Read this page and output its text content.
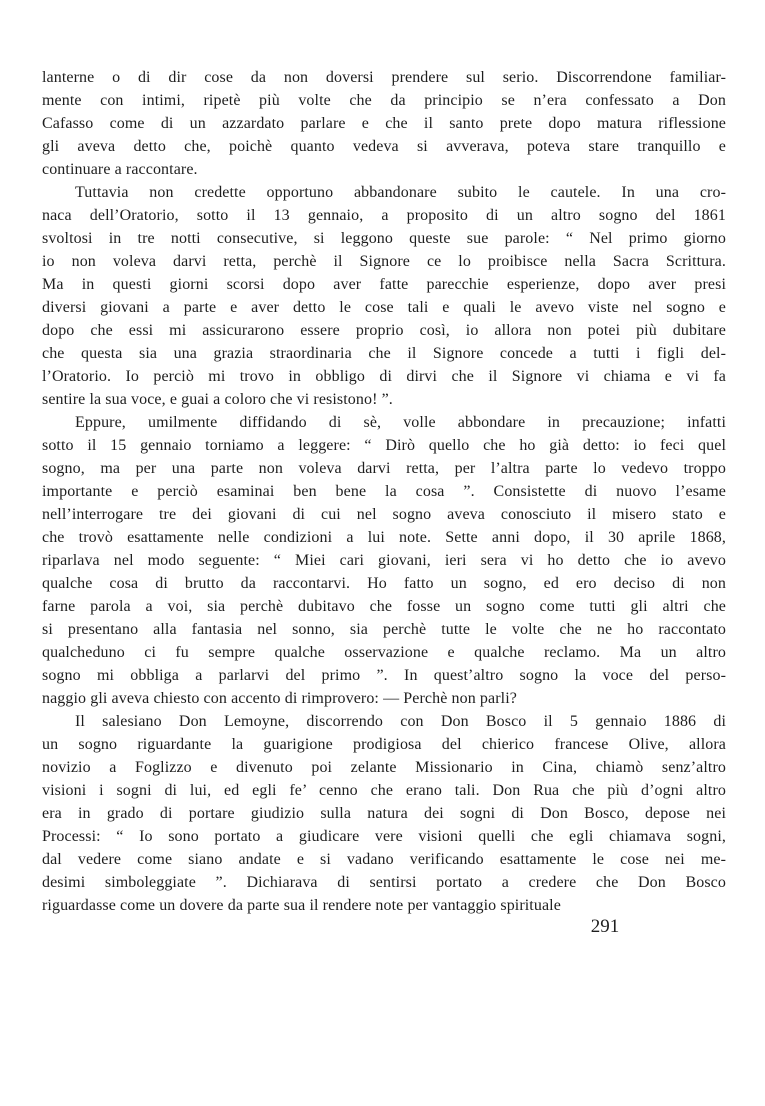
lanterne o di dir cose da non doversi prendere sul serio. Discorrendone familiar-
mente con intimi, ripetè più volte che da principio se n’era confessato a Don
Cafasso come di un azzardato parlare e che il santo prete dopo matura riflessione
gli aveva detto che, poichè quanto vedeva si avverava, poteva stare tranquillo e
continuare a raccontare.
Tuttavia non credette opportuno abbandonare subito le cautele. In una cro-
naca dell’Oratorio, sotto il 13 gennaio, a proposito di un altro sogno del 1861
svoltosi in tre notti consecutive, si leggono queste sue parole: “ Nel primo giorno
io non voleva darvi retta, perchè il Signore ce lo proibisce nella Sacra Scrittura.
Ma in questi giorni scorsi dopo aver fatte parecchie esperienze, dopo aver presi
diversi giovani a parte e aver detto le cose tali e quali le avevo viste nel sogno e
dopo che essi mi assicurarono essere proprio così, io allora non potei più dubitare
che questa sia una grazia straordinaria che il Signore concede a tutti i figli del-
l’Oratorio. Io perciò mi trovo in obbligo di dirvi che il Signore vi chiama e vi fa
sentire la sua voce, e guai a coloro che vi resistono! ”.
Eppure, umilmente diffidando di sè, volle abbondare in precauzione; infatti
sotto il 15 gennaio torniamo a leggere: “ Dirò quello che ho già detto: io feci quel
sogno, ma per una parte non voleva darvi retta, per l’altra parte lo vedevo troppo
importante e perciò esaminai ben bene la cosa ”. Consistette di nuovo l’esame
nell’interrogare tre dei giovani di cui nel sogno aveva conosciuto il misero stato e
che trovò esattamente nelle condizioni a lui note. Sette anni dopo, il 30 aprile 1868,
riparlava nel modo seguente: “ Miei cari giovani, ieri sera vi ho detto che io avevo
qualche cosa di brutto da raccontarvi. Ho fatto un sogno, ed ero deciso di non
farne parola a voi, sia perchè dubitavo che fosse un sogno come tutti gli altri che
si presentano alla fantasia nel sonno, sia perchè tutte le volte che ne ho raccontato
qualcheduno ci fu sempre qualche osservazione e qualche reclamo. Ma un altro
sogno mi obbliga a parlarvi del primo ”. In quest’altro sogno la voce del perso-
naggio gli aveva chiesto con accento di rimprovero: — Perchè non parli?
Il salesiano Don Lemoyne, discorrendo con Don Bosco il 5 gennaio 1886 di
un sogno riguardante la guarigione prodigiosa del chierico francese Olive, allora
novizio a Foglizzo e divenuto poi zelante Missionario in Cina, chiamò senz’altro
visioni i sogni di lui, ed egli fe’ cenno che erano tali. Don Rua che più d’ogni altro
era in grado di portare giudizio sulla natura dei sogni di Don Bosco, depose nei
Processi: “ Io sono portato a giudicare vere visioni quelli che egli chiamava sogni,
dal vedere come siano andate e si vadano verificando esattamente le cose nei me-
desimi simboleggiate ”. Dichiarava di sentirsi portato a credere che Don Bosco
riguardasse come un dovere da parte sua il rendere note per vantaggio spirituale
291
